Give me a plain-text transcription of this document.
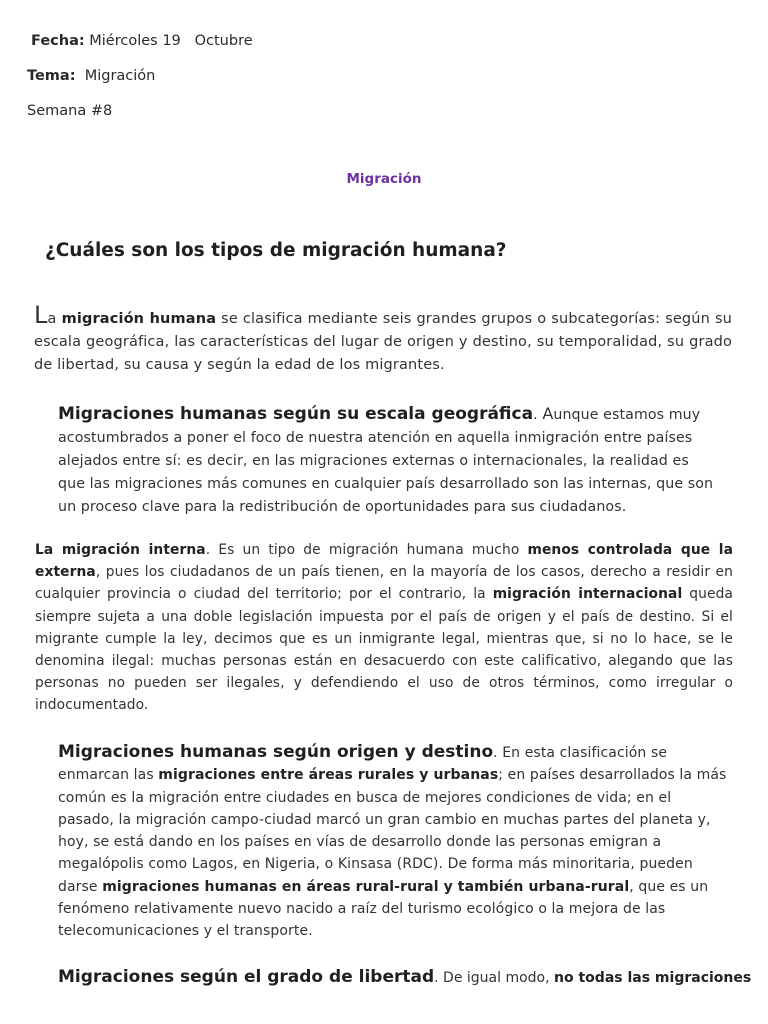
Fecha: Miércoles 19   Octubre
Tema: Migración
Semana #8
Migración
¿Cuáles son los tipos de migración humana?

La migración humana se clasifica mediante seis grandes grupos o subcategorías: según su escala geográfica, las características del lugar de origen y destino, su temporalidad, su grado de libertad, su causa y según la edad de los migrantes.

Migraciones humanas según su escala geográfica. Aunque estamos muy acostumbrados a poner el foco de nuestra atención en aquella inmigración entre países alejados entre sí: es decir, en las migraciones externas o internacionales, la realidad es que las migraciones más comunes en cualquier país desarrollado son las internas, que son un proceso clave para la redistribución de oportunidades para sus ciudadanos.

La migración interna. Es un tipo de migración humana mucho menos controlada que la externa, pues los ciudadanos de un país tienen, en la mayoría de los casos, derecho a residir en cualquier provincia o ciudad del territorio; por el contrario, la migración internacional queda siempre sujeta a una doble legislación impuesta por el país de origen y el país de destino. Si el migrante cumple la ley, decimos que es un inmigrante legal, mientras que, si no lo hace, se le denomina ilegal: muchas personas están en desacuerdo con este calificativo, alegando que las personas no pueden ser ilegales, y defendiendo el uso de otros términos, como irregular o indocumentado.

Migraciones humanas según origen y destino. En esta clasificación se enmarcan las migraciones entre áreas rurales y urbanas; en países desarrollados la más común es la migración entre ciudades en busca de mejores condiciones de vida; en el pasado, la migración campo-ciudad marcó un gran cambio en muchas partes del planeta y, hoy, se está dando en los países en vías de desarrollo donde las personas emigran a megalópolis como Lagos, en Nigeria, o Kinsasa (RDC). De forma más minoritaria, pueden darse migraciones humanas en áreas rural-rural y también urbana-rural, que es un fenómeno relativamente nuevo nacido a raíz del turismo ecológico o la mejora de las telecomunicaciones y el transporte.

Migraciones según el grado de libertad. De igual modo, no todas las migraciones
